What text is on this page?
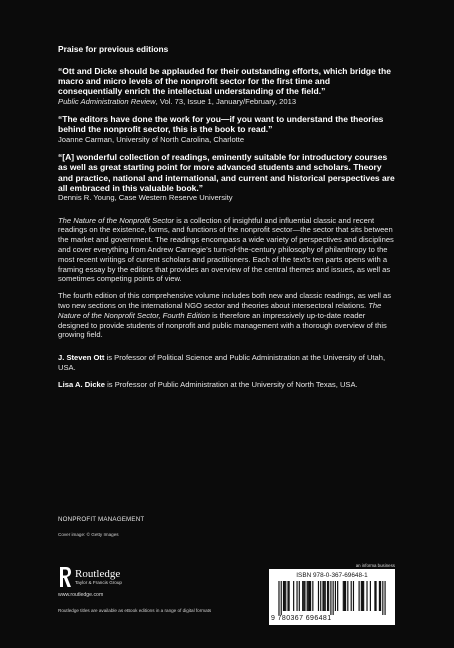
Praise for previous editions
“Ott and Dicke should be applauded for their outstanding efforts, which bridge the macro and micro levels of the nonprofit sector for the first time and consequentially enrich the intellectual understanding of the field.”
Public Administration Review, Vol. 73, Issue 1, January/February, 2013
“The editors have done the work for you—if you want to understand the theories behind the nonprofit sector, this is the book to read.”
Joanne Carman, University of North Carolina, Charlotte
“[A] wonderful collection of readings, eminently suitable for introductory courses as well as great starting point for more advanced students and scholars. Theory and practice, national and international, and current and historical perspectives are all embraced in this valuable book.”
Dennis R. Young, Case Western Reserve University

The Nature of the Nonprofit Sector is a collection of insightful and influential classic and recent readings on the existence, forms, and functions of the nonprofit sector—the sector that sits between the market and government. The readings encompass a wide variety of perspectives and disciplines and cover everything from Andrew Carnegie’s turn-of-the-century philosophy of philanthropy to the most recent writings of current scholars and practitioners. Each of the text’s ten parts opens with a framing essay by the editors that provides an overview of the central themes and issues, as well as sometimes competing points of view.

The fourth edition of this comprehensive volume includes both new and classic readings, as well as two new sections on the international NGO sector and theories about intersectoral relations. The Nature of the Nonprofit Sector, Fourth Edition is therefore an impressively up-to-date reader designed to provide students of nonprofit and public management with a thorough overview of this growing field.

J. Steven Ott is Professor of Political Science and Public Administration at the University of Utah, USA.

Lisa A. Dicke is Professor of Public Administration at the University of North Texas, USA.

NONPROFIT MANAGEMENT
Cover image: © Getty Images
Routledge
Taylor & Francis Group
www.routledge.com
Routledge titles are available as eBook editions in a range of digital formats
an informa business
ISBN 978-0-367-69648-1
9 780367 696481
